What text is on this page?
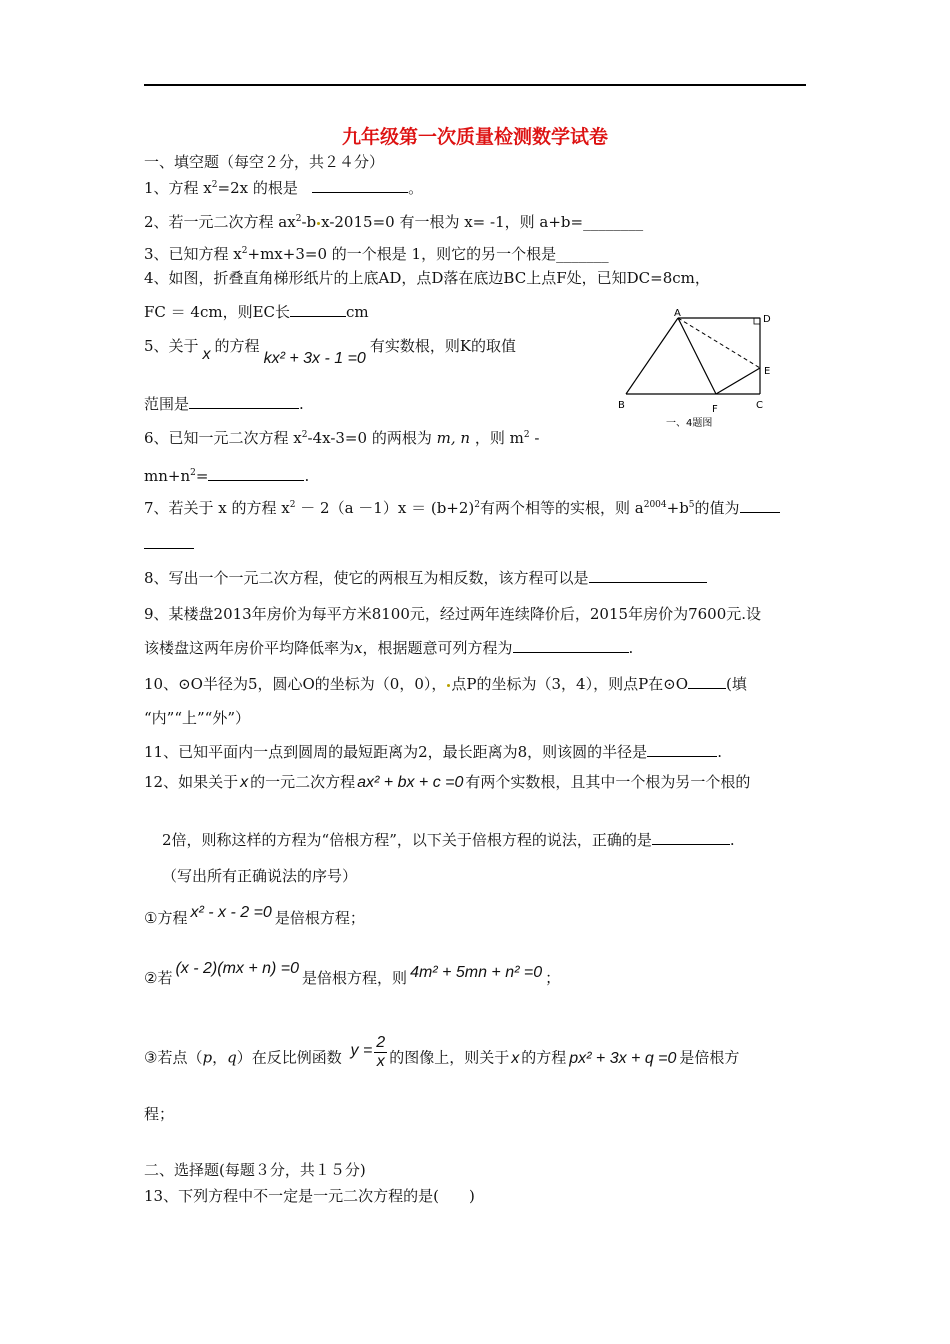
九年级第一次质量检测数学试卷
一、填空题（每空２分，共２４分）
1、方程 $x^2=2x$ 的根是	。
2、若一元二次方程 $ax^2-b$ x-2015=0 有一根为 x= -1，则 a+b=________
3、已知方程 $x^2+mx+3=0$ 的一个根是 1，则它的另一个根是_______
4、如图，折叠直角梯形纸片的上底AD，点D落在底边BC上点F处，已知DC=8cm，
FC ＝ 4cm，则EC长	cm
5、关于 x 的方程kx² + 3x - 1 =0有实数根，则K的取值
范围是	.
A
D
E
B	F	C
一、4题图
6、已知一元二次方程 $x^2-4x-3=0$ 的两根为 m, n ，则 $m^2$ -
$mn+n^2=$	.
7、若关于 x 的方程 $x^2 - 2(a -1)x = (b+2)^2$有两个相等的实根，则 $a^{2004}+b^5$的值为
8、写出一个一元二次方程，使它的两根互为相反数，该方程可以是
9、某楼盘2013年房价为每平方米8100元，经过两年连续降价后，2015年房价为7600元.设
该楼盘这两年房价平均降低率为x，根据题意可列方程为	.
10、⊙O半径为5，圆心O的坐标为（0，0）， 点P的坐标为（3，4），则点P在⊙O	(填
“内”“上”“外”）
11、已知平面内一点到圆周的最短距离为2，最长距离为8，则该圆的半径是	.
12、如果关于 x 的一元二次方程 ax² + bx + c =0 有两个实数根，且其中一个根为另一个根的
2倍，则称这样的方程为“倍根方程”，以下关于倍根方程的说法，正确的是	.
（写出所有正确说法的序号）
①方程 x² - x - 2 =0 是倍根方程；
②若(x - 2)(mx + n) =0是倍根方程，则 4m² + 5mn + n² =0 ；
③若点（p，q）在反比例函数 $y = \frac{2}{x}$ 的图像上，则关于 x 的方程 px² + 3x + q =0 是倍根方
程；
二、选择题(每题３分，共１５分)
13、下列方程中不一定是一元二次方程的是(　　)
